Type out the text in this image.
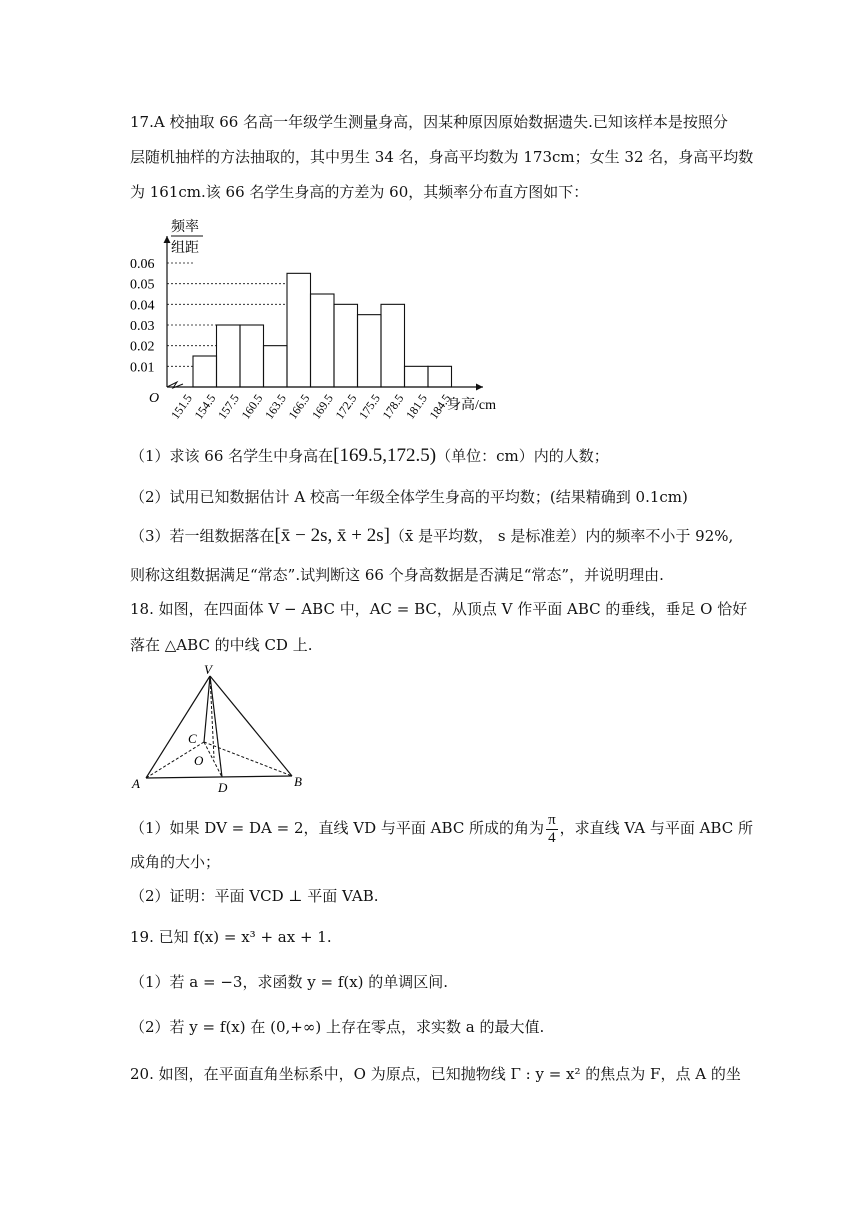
17.A 校抽取 66 名高一年级学生测量身高，因某种原因原始数据遗失.已知该样本是按照分
层随机抽样的方法抽取的，其中男生 34 名，身高平均数为 173cm；女生 32 名，身高平均数
为 161cm.该 66 名学生身高的方差为 60，其频率分布直方图如下：
频率
组距
O	身高/cm
0.01
0.02
0.03
0.04
0.05
0.06
151.5
154.5
157.5
160.5
163.5
166.5
169.5
172.5
175.5
178.5
181.5
184.5
（1）求该 66 名学生中身高在[169.5,172.5)（单位：cm）内的人数；
（2）试用已知数据估计 A 校高一年级全体学生身高的平均数；(结果精确到 0.1cm)
（3）若一组数据落在[x̄ − 2s, x̄ + 2s]（x̄ 是平均数， s 是标准差）内的频率不小于 92%,
则称这组数据满足“常态”.试判断这 66 个身高数据是否满足“常态”，并说明理由.
18. 如图，在四面体 V − ABC 中，AC = BC，从顶点 V 作平面 ABC 的垂线，垂足 O 恰好
落在 △ABC 的中线 CD 上.
V
A	B
C
D
O
（1）如果 DV = DA = 2，直线 VD 与平面 ABC 所成的角为 $\frac{\pi}{4}$ ，求直线 VA 与平面 ABC 所
成角的大小；
（2）证明：平面 VCD ⊥ 平面 VAB.
19. 已知 f(x) = x³ + ax + 1.
（1）若 a = −3，求函数 y = f(x) 的单调区间.
（2）若 y = f(x) 在 (0,+∞) 上存在零点，求实数 a 的最大值.
20. 如图，在平面直角坐标系中，O 为原点，已知抛物线 Γ : y = x² 的焦点为 F，点 A 的坐
